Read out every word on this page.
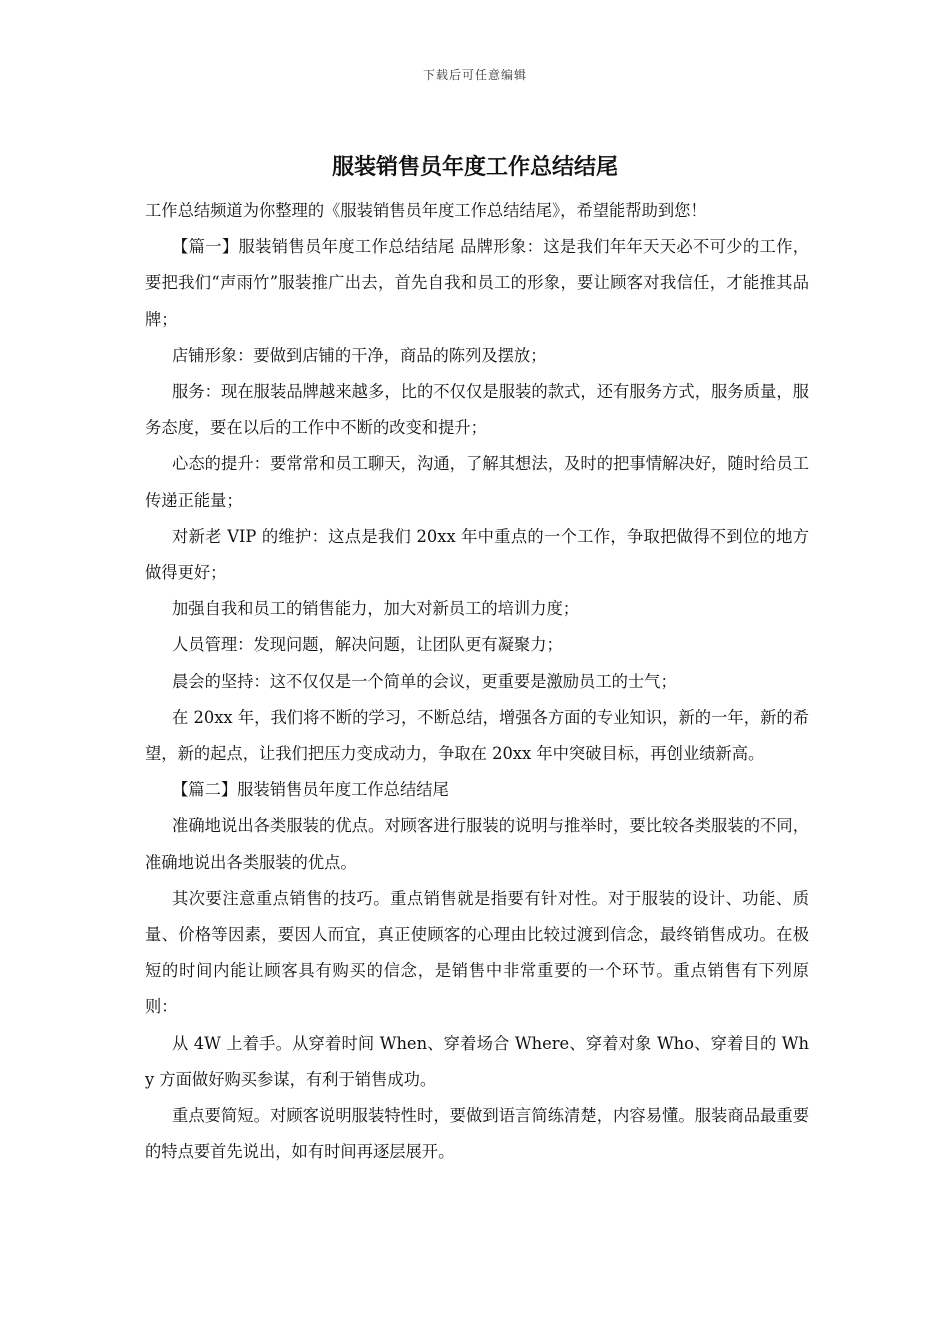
下载后可任意编辑
服装销售员年度工作总结结尾

工作总结频道为你整理的《服装销售员年度工作总结结尾》，希望能帮助到您！

【篇一】服装销售员年度工作总结结尾 品牌形象：这是我们年年天天必不可少的工作，要把我们“声雨竹”服装推广出去，首先自我和员工的形象，要让顾客对我信任，才能推其品牌；

店铺形象：要做到店铺的干净，商品的陈列及摆放；

服务：现在服装品牌越来越多，比的不仅仅是服装的款式，还有服务方式，服务质量，服务态度，要在以后的工作中不断的改变和提升；

心态的提升：要常常和员工聊天，沟通，了解其想法，及时的把事情解决好，随时给员工传递正能量；

对新老 VIP 的维护：这点是我们 20xx 年中重点的一个工作，争取把做得不到位的地方做得更好；

加强自我和员工的销售能力，加大对新员工的培训力度；

人员管理：发现问题，解决问题，让团队更有凝聚力；

晨会的坚持：这不仅仅是一个简单的会议，更重要是激励员工的士气；

在 20xx 年，我们将不断的学习，不断总结，增强各方面的专业知识，新的一年，新的希望，新的起点，让我们把压力变成动力，争取在 20xx 年中突破目标，再创业绩新高。

【篇二】服装销售员年度工作总结结尾

准确地说出各类服装的优点。对顾客进行服装的说明与推举时，要比较各类服装的不同，准确地说出各类服装的优点。

其次要注意重点销售的技巧。重点销售就是指要有针对性。对于服装的设计、功能、质量、价格等因素，要因人而宜，真正使顾客的心理由比较过渡到信念，最终销售成功。在极短的时间内能让顾客具有购买的信念，是销售中非常重要的一个环节。重点销售有下列原则：

从 4W 上着手。从穿着时间 When、穿着场合 Where、穿着对象 Who、穿着目的 Why 方面做好购买参谋，有利于销售成功。

重点要简短。对顾客说明服装特性时，要做到语言简练清楚，内容易懂。服装商品最重要的特点要首先说出，如有时间再逐层展开。
